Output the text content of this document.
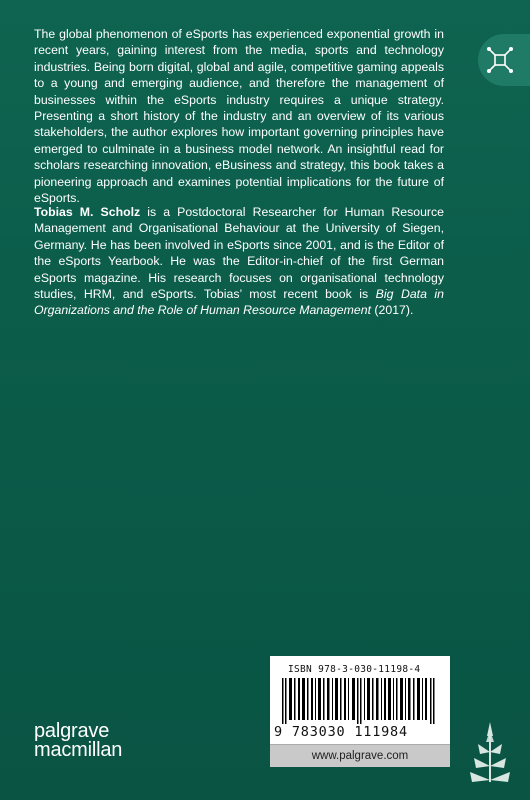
The global phenomenon of eSports has experienced exponential growth in recent years, gaining interest from the media, sports and technology industries. Being born digital, global and agile, competitive gaming appeals to a young and emerging audience, and therefore the management of businesses within the eSports industry requires a unique strategy. Presenting a short history of the industry and an overview of its various stakeholders, the author explores how important governing principles have emerged to culminate in a business model network. An insightful read for scholars researching innovation, eBusiness and strategy, this book takes a pioneering approach and examines potential implications for the future of eSports.

Tobias M. Scholz is a Postdoctoral Researcher for Human Resource Management and Organisational Behaviour at the University of Siegen, Germany. He has been involved in eSports since 2001, and is the Editor of the eSports Yearbook. He was the Editor-in-chief of the first German eSports magazine. His research focuses on organisational technology studies, HRM, and eSports. Tobias’ most recent book is Big Data in Organizations and the Role of Human Resource Management (2017).

ISBN 978-3-030-11198-4
9 783030 111984
www.palgrave.com
palgrave
macmillan
